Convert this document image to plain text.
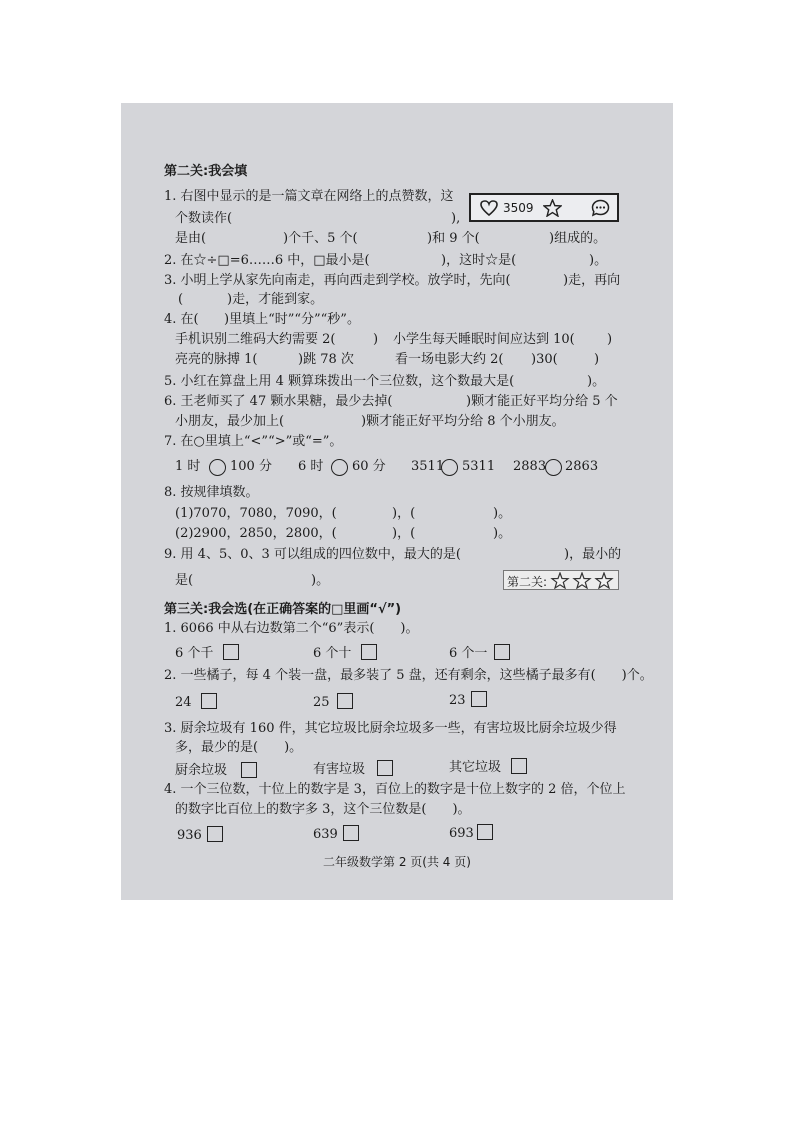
第二关:我会填
1. 右图中显示的是一篇文章在网络上的点赞数，这
个数读作(	),
是由(	)个千、5 个(	)和 9 个(	)组成的。
3509
2. 在☆÷□=6……6 中，□最小是(	)，这时☆是(	)。
3. 小明上学从家先向南走，再向西走到学校。放学时，先向(	)走，再向
(	)走，才能到家。
4. 在( )里填上“时”“分”“秒”。
手机识别二维码大约需要 2(	) 小学生每天睡眠时间应达到 10( )
亮亮的脉搏 1(	)跳 78 次	看一场电影大约 2( )30(	)
5. 小红在算盘上用 4 颗算珠拨出一个三位数，这个数最大是(	)。
6. 王老师买了 47 颗水果糖，最少去掉(	)颗才能正好平均分给 5 个
小朋友，最少加上(	)颗才能正好平均分给 8 个小朋友。
7. 在○里填上“<”“>”或“=”。
1 时 100 分 6 时 60 分 3511 5311 2883 2863
8. 按规律填数。
(1)7070，7080，7090，(	)，(	)。
(2)2900，2850，2800，(	)，(	)。
9. 用 4、5、0、3 可以组成的四位数中，最大的是(	)，最小的
是(	)。	第二关:
第三关:我会选(在正确答案的□里画“√”)
1. 6066 中从右边数第二个“6”表示(　　)。
6 个千	6 个十	6 个一
2. 一些橘子，每 4 个装一盘，最多装了 5 盘，还有剩余，这些橘子最多有(　　)个。
24	25	23
3. 厨余垃圾有 160 件，其它垃圾比厨余垃圾多一些，有害垃圾比厨余垃圾少得
多，最少的是(　　)。
厨余垃圾	有害垃圾	其它垃圾
4. 一个三位数，十位上的数字是 3，百位上的数字是十位上数字的 2 倍，个位上
的数字比百位上的数字多 3，这个三位数是(　　)。
936	639	693
二年级数学第 2 页(共 4 页)
